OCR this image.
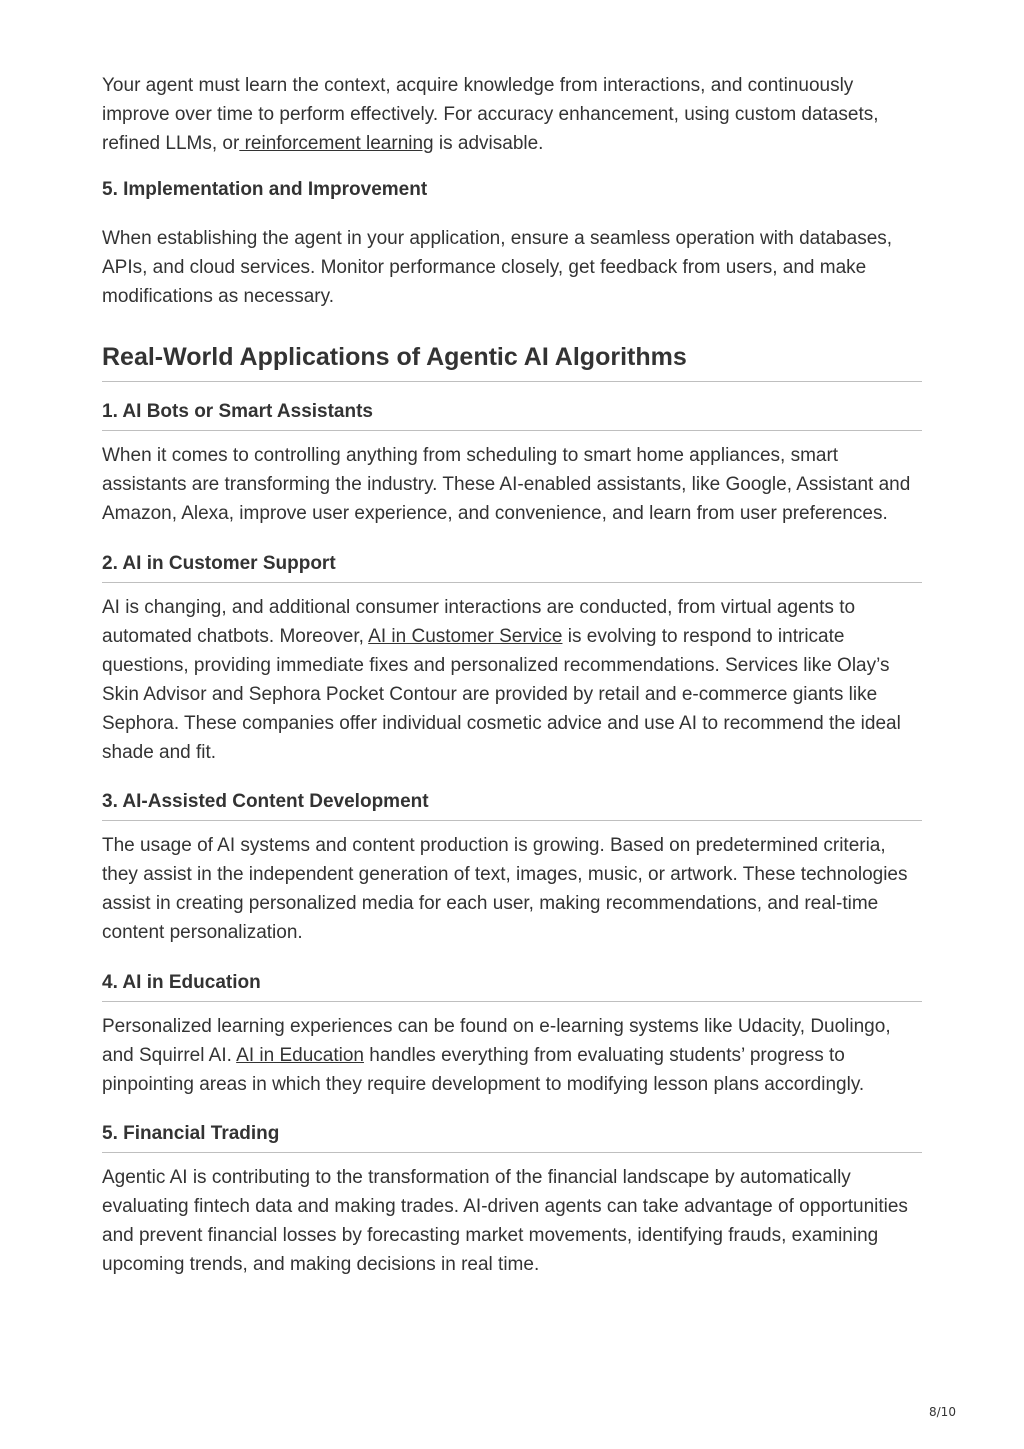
Your agent must learn the context, acquire knowledge from interactions, and continuously improve over time to perform effectively. For accuracy enhancement, using custom datasets, refined LLMs, or reinforcement learning is advisable.

5. Implementation and Improvement

When establishing the agent in your application, ensure a seamless operation with databases, APIs, and cloud services. Monitor performance closely, get feedback from users, and make modifications as necessary.

Real-World Applications of Agentic AI Algorithms
1. AI Bots or Smart Assistants

When it comes to controlling anything from scheduling to smart home appliances, smart assistants are transforming the industry. These AI-enabled assistants, like Google, Assistant and Amazon, Alexa, improve user experience, and convenience, and learn from user preferences.

2. AI in Customer Support

AI is changing, and additional consumer interactions are conducted, from virtual agents to automated chatbots. Moreover, AI in Customer Service is evolving to respond to intricate questions, providing immediate fixes and personalized recommendations. Services like Olay’s Skin Advisor and Sephora Pocket Contour are provided by retail and e-commerce giants like Sephora. These companies offer individual cosmetic advice and use AI to recommend the ideal shade and fit.

3. AI-Assisted Content Development

The usage of AI systems and content production is growing. Based on predetermined criteria, they assist in the independent generation of text, images, music, or artwork. These technologies assist in creating personalized media for each user, making recommendations, and real-time content personalization.

4. AI in Education

Personalized learning experiences can be found on e-learning systems like Udacity, Duolingo, and Squirrel AI. AI in Education handles everything from evaluating students’ progress to pinpointing areas in which they require development to modifying lesson plans accordingly.

5. Financial Trading

Agentic AI is contributing to the transformation of the financial landscape by automatically evaluating fintech data and making trades. AI-driven agents can take advantage of opportunities and prevent financial losses by forecasting market movements, identifying frauds, examining upcoming trends, and making decisions in real time.

8/10
